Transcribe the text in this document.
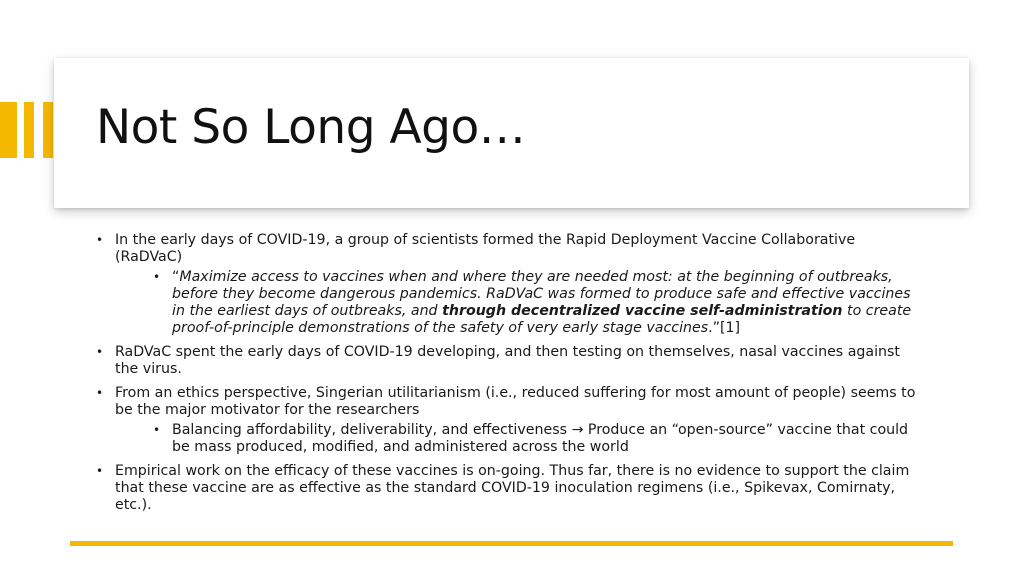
Not So Long Ago…
• In the early days of COVID-19, a group of scientists formed the Rapid Deployment Vaccine Collaborative (RaDVaC)
• “Maximize access to vaccines when and where they are needed most: at the beginning of outbreaks, before they become dangerous pandemics. RaDVaC was formed to produce safe and effective vaccines in the earliest days of outbreaks, and through decentralized vaccine self-administration to create proof-of-principle demonstrations of the safety of very early stage vaccines.”[1]
• RaDVaC spent the early days of COVID-19 developing, and then testing on themselves, nasal vaccines against the virus.
• From an ethics perspective, Singerian utilitarianism (i.e., reduced suffering for most amount of people) seems to be the major motivator for the researchers
• Balancing affordability, deliverability, and effectiveness → Produce an “open-source” vaccine that could be mass produced, modified, and administered across the world
• Empirical work on the efficacy of these vaccines is on-going. Thus far, there is no evidence to support the claim that these vaccine are as effective as the standard COVID-19 inoculation regimens (i.e., Spikevax, Comirnaty, etc.).
